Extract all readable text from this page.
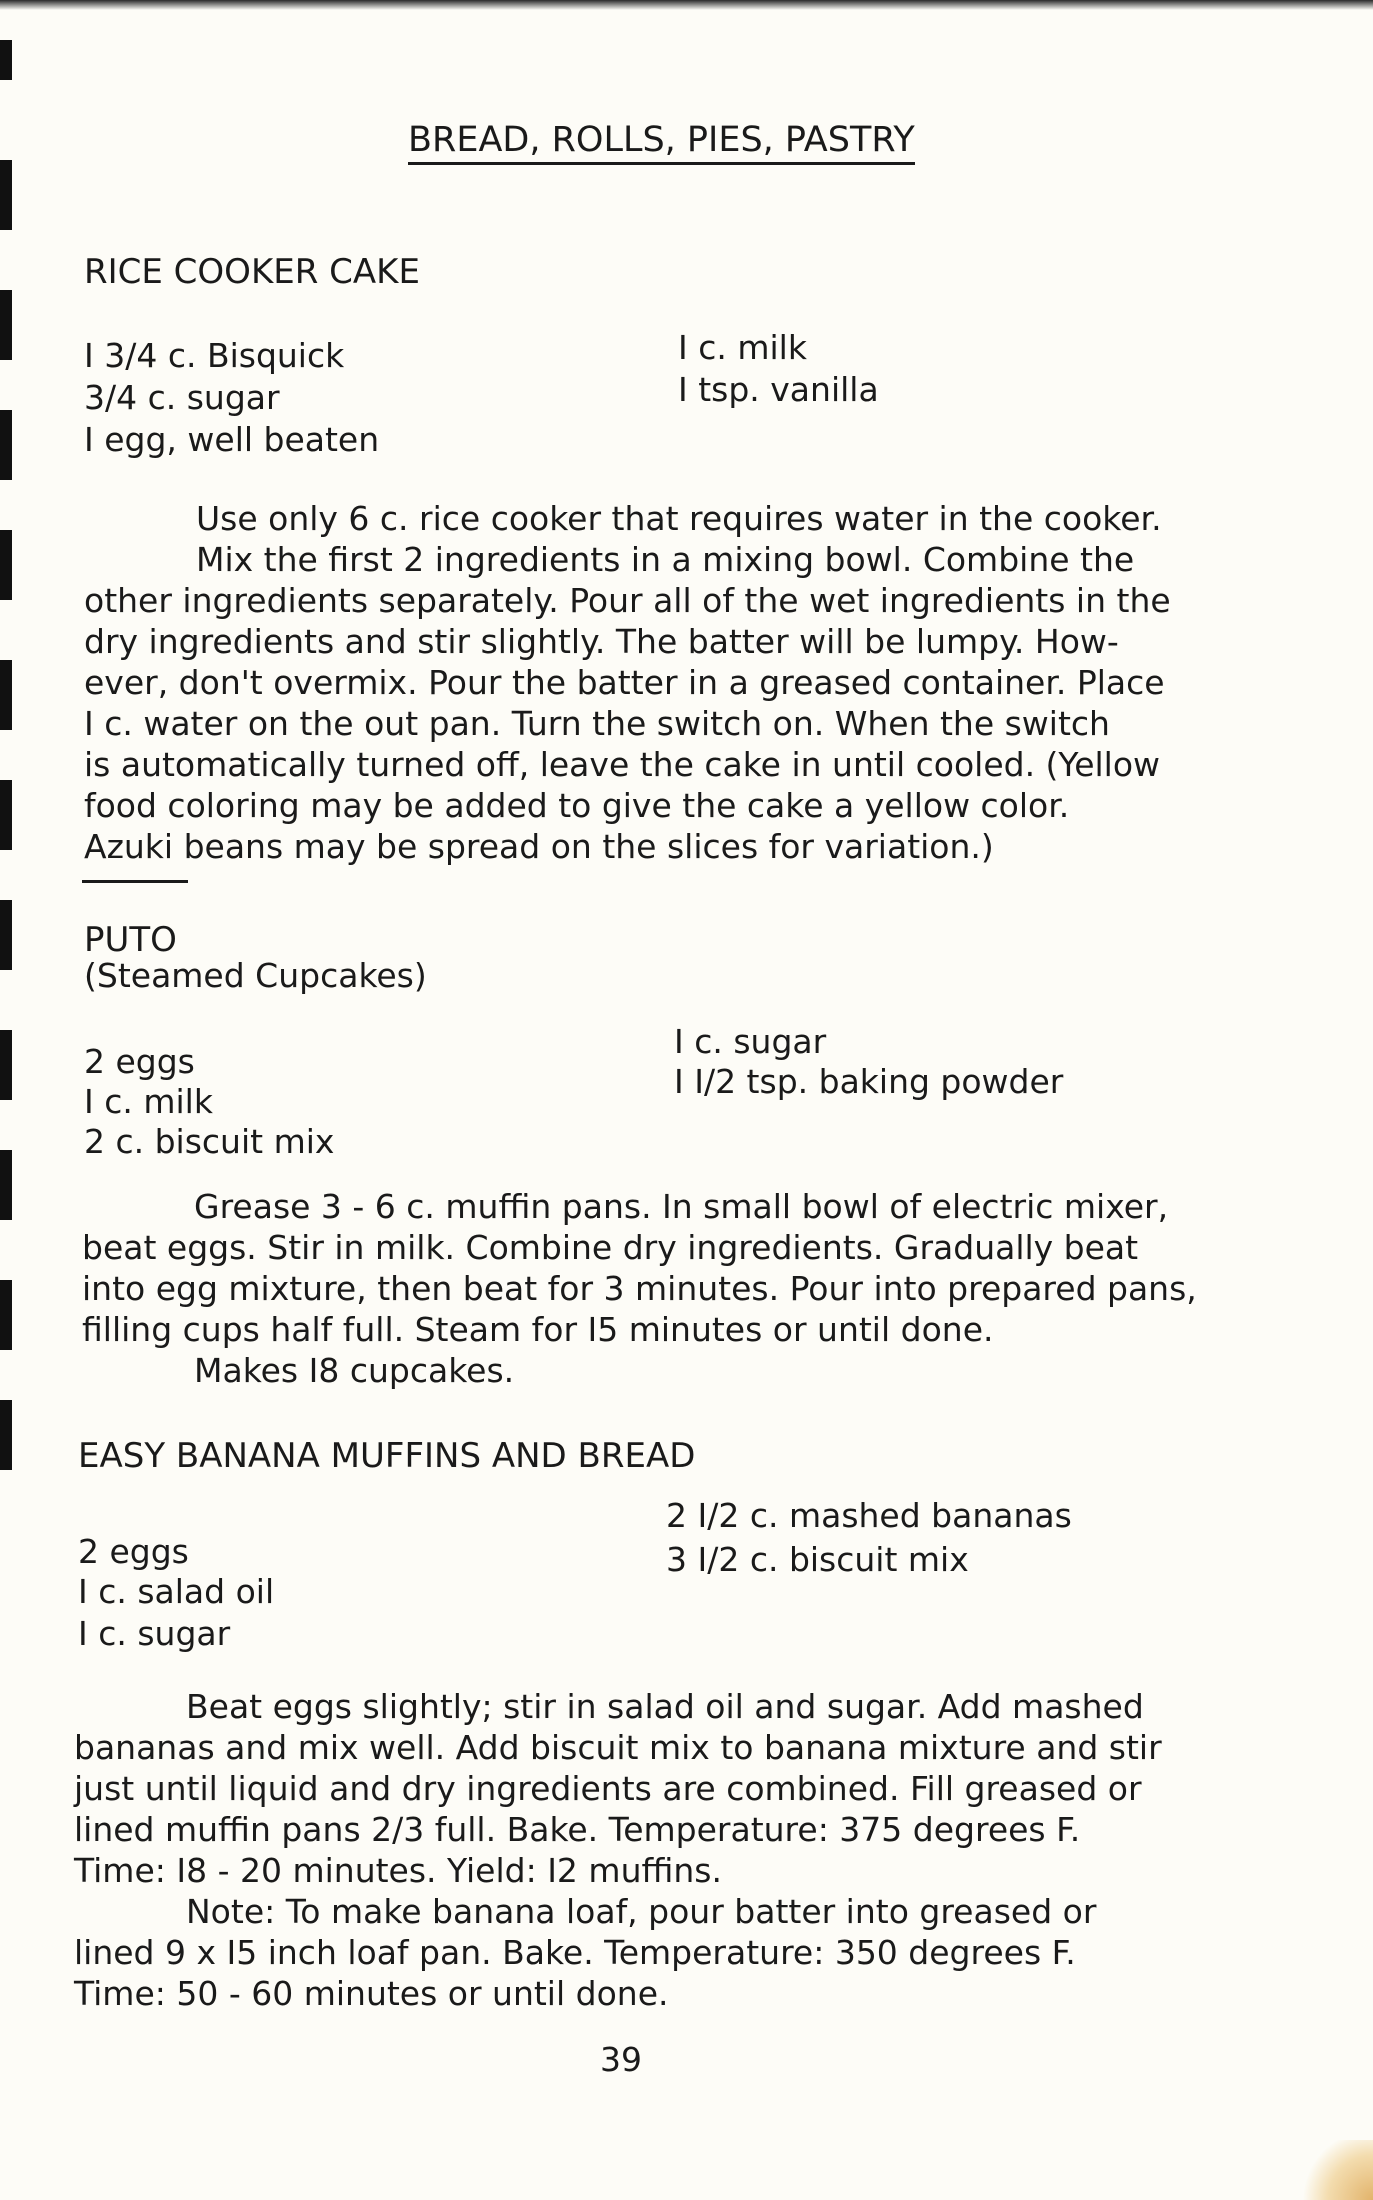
BREAD, ROLLS, PIES, PASTRY
RICE COOKER CAKE
I 3/4 c. Bisquick
3/4 c. sugar
I egg, well beaten
I c. milk
I tsp. vanilla
Use only 6 c. rice cooker that requires water in the cooker.
Mix the first 2 ingredients in a mixing bowl. Combine the
other ingredients separately. Pour all of the wet ingredients in the
dry ingredients and stir slightly. The batter will be lumpy. How-
ever, don't overmix. Pour the batter in a greased container. Place
I c. water on the out pan. Turn the switch on. When the switch
is automatically turned off, leave the cake in until cooled. (Yellow
food coloring may be added to give the cake a yellow color.
Azuki beans may be spread on the slices for variation.)
PUTO
(Steamed Cupcakes)
2 eggs
I c. milk
2 c. biscuit mix
I c. sugar
I I/2 tsp. baking powder
Grease 3 - 6 c. muffin pans. In small bowl of electric mixer,
beat eggs. Stir in milk. Combine dry ingredients. Gradually beat
into egg mixture, then beat for 3 minutes. Pour into prepared pans,
filling cups half full. Steam for I5 minutes or until done.
Makes I8 cupcakes.
EASY BANANA MUFFINS AND BREAD
2 eggs
I c. salad oil
I c. sugar
2 I/2 c. mashed bananas
3 I/2 c. biscuit mix
Beat eggs slightly; stir in salad oil and sugar. Add mashed
bananas and mix well. Add biscuit mix to banana mixture and stir
just until liquid and dry ingredients are combined. Fill greased or
lined muffin pans 2/3 full. Bake. Temperature: 375 degrees F.
Time: I8 - 20 minutes. Yield: I2 muffins.
Note: To make banana loaf, pour batter into greased or
lined 9 x I5 inch loaf pan. Bake. Temperature: 350 degrees F.
Time: 50 - 60 minutes or until done.
39
